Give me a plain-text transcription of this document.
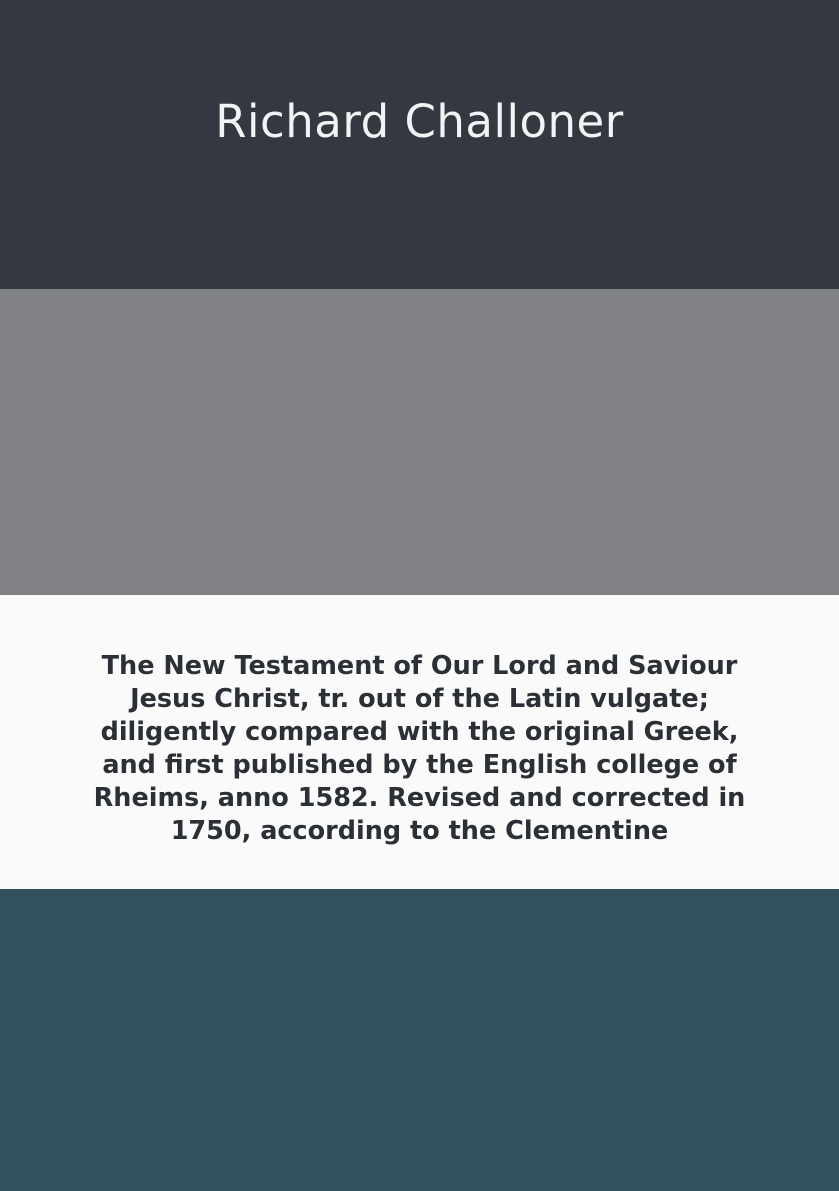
Richard Challoner
The New Testament of Our Lord and Saviour Jesus Christ, tr. out of the Latin vulgate; diligently compared with the original Greek, and first published by the English college of Rheims, anno 1582. Revised and corrected in 1750, according to the Clementine
